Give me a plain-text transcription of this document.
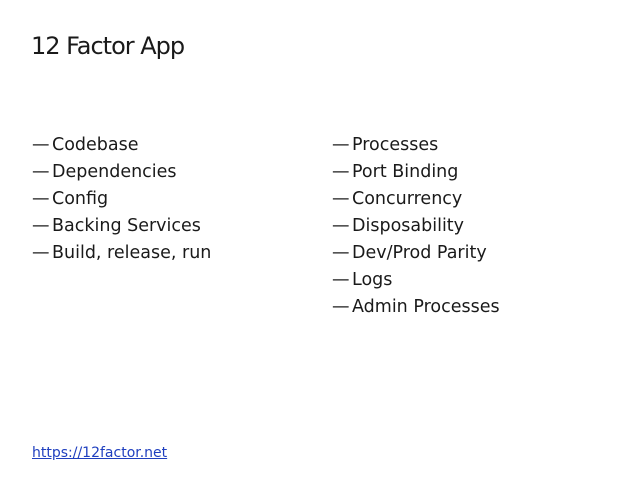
12 Factor App
—Codebase
—Dependencies
—Config
—Backing Services
—Build, release, run
—Processes
—Port Binding
—Concurrency
—Disposability
—Dev/Prod Parity
—Logs
—Admin Processes
https://12factor.net
